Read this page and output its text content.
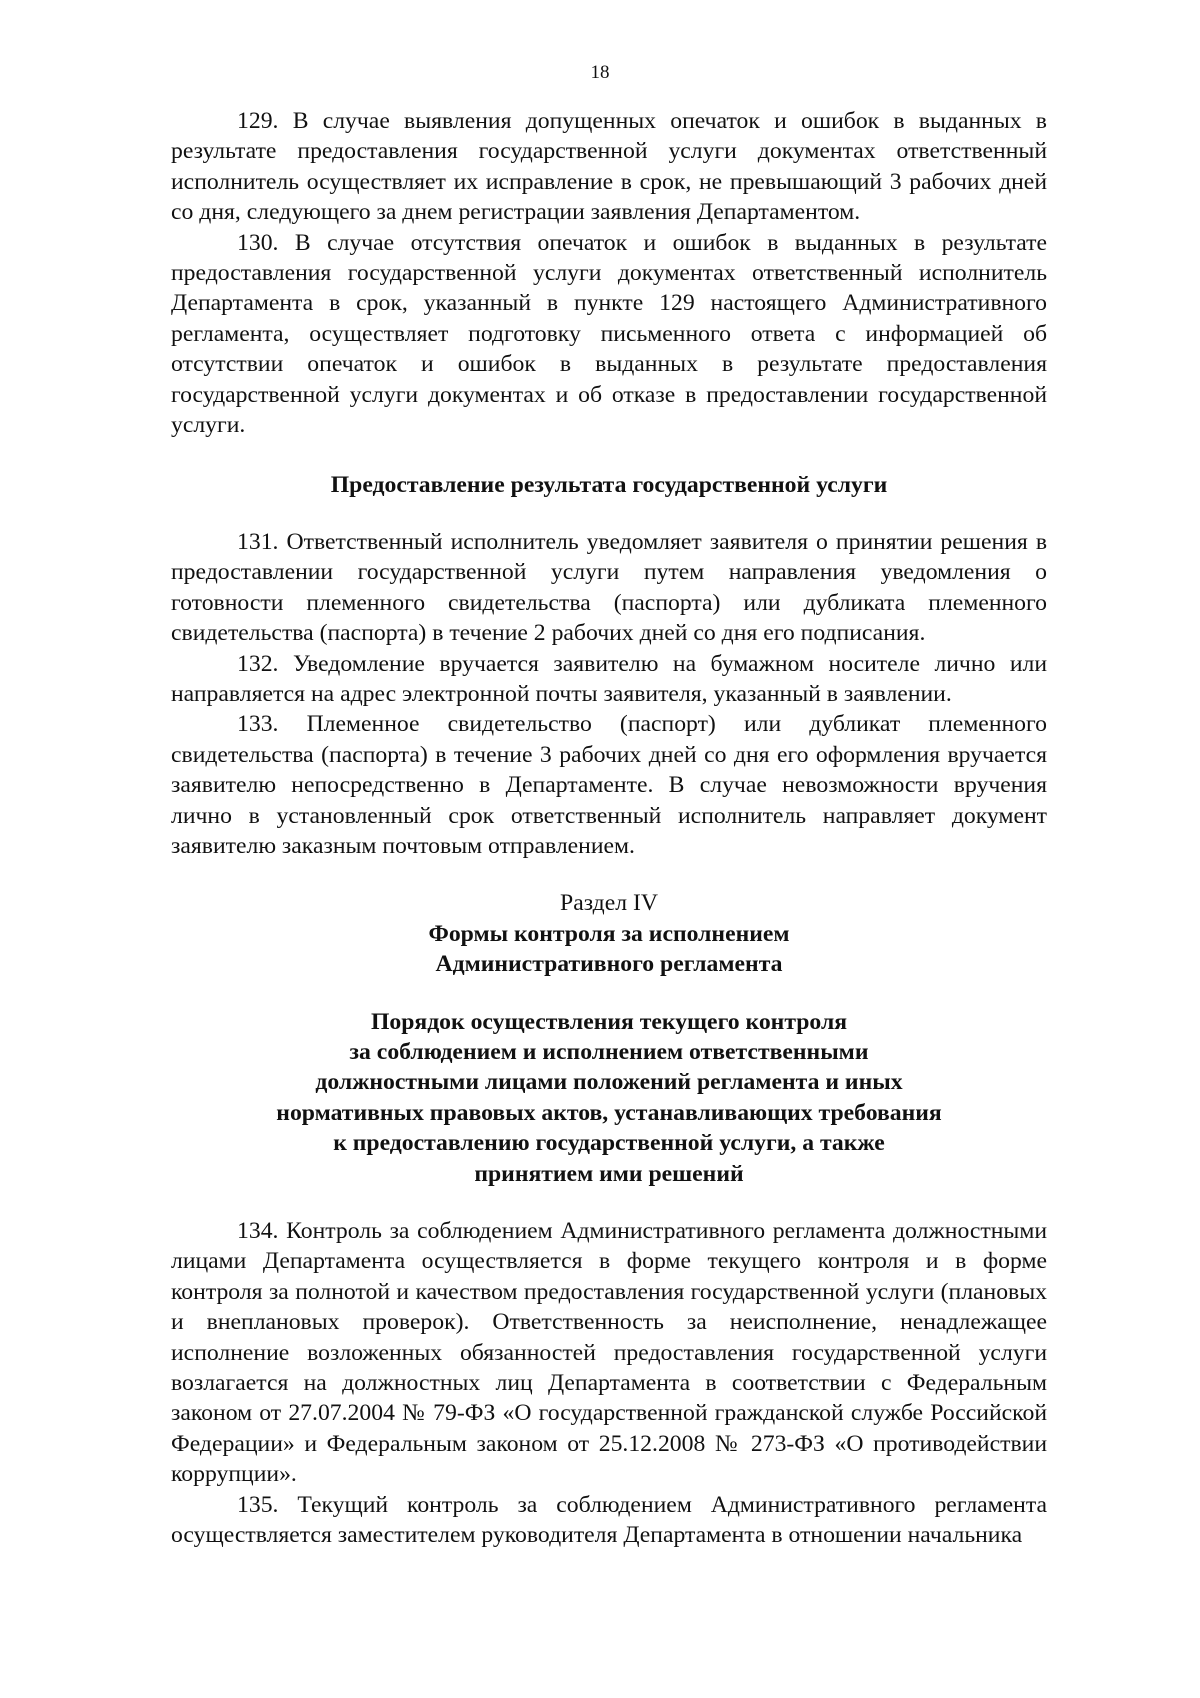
18

129. В случае выявления допущенных опечаток и ошибок в выданных в результате предоставления государственной услуги документах ответственный исполнитель осуществляет их исправление в срок, не превышающий 3 рабочих дней со дня, следующего за днем регистрации заявления Департаментом.

130. В случае отсутствия опечаток и ошибок в выданных в результате предоставления государственной услуги документах ответственный исполнитель Департамента в срок, указанный в пункте 129 настоящего Административного регламента, осуществляет подготовку письменного ответа с информацией об отсутствии опечаток и ошибок в выданных в результате предоставления государственной услуги документах и об отказе в предоставлении государственной услуги.

Предоставление результата государственной услуги

131. Ответственный исполнитель уведомляет заявителя о принятии решения в предоставлении государственной услуги путем направления уведомления о готовности племенного свидетельства (паспорта) или дубликата племенного свидетельства (паспорта) в течение 2 рабочих дней со дня его подписания.

132. Уведомление вручается заявителю на бумажном носителе лично или направляется на адрес электронной почты заявителя, указанный в заявлении.

133. Племенное свидетельство (паспорт) или дубликат племенного свидетельства (паспорта) в течение 3 рабочих дней со дня его оформления вручается заявителю непосредственно в Департаменте. В случае невозможности вручения лично в установленный срок ответственный исполнитель направляет документ заявителю заказным почтовым отправлением.

Раздел IV

Формы контроля за исполнением

Административного регламента

Порядок осуществления текущего контроля

за соблюдением и исполнением ответственными

должностными лицами положений регламента и иных

нормативных правовых актов, устанавливающих требования

к предоставлению государственной услуги, а также

принятием ими решений

134. Контроль за соблюдением Административного регламента должностными лицами Департамента осуществляется в форме текущего контроля и в форме контроля за полнотой и качеством предоставления государственной услуги (плановых и внеплановых проверок). Ответственность за неисполнение, ненадлежащее исполнение возложенных обязанностей предоставления государственной услуги возлагается на должностных лиц Департамента в соответствии с Федеральным законом от 27.07.2004 № 79-ФЗ «О государственной гражданской службе Российской Федерации» и Федеральным законом от 25.12.2008 № 273-ФЗ «О противодействии коррупции».

135. Текущий контроль за соблюдением Административного регламента осуществляется заместителем руководителя Департамента в отношении начальника
